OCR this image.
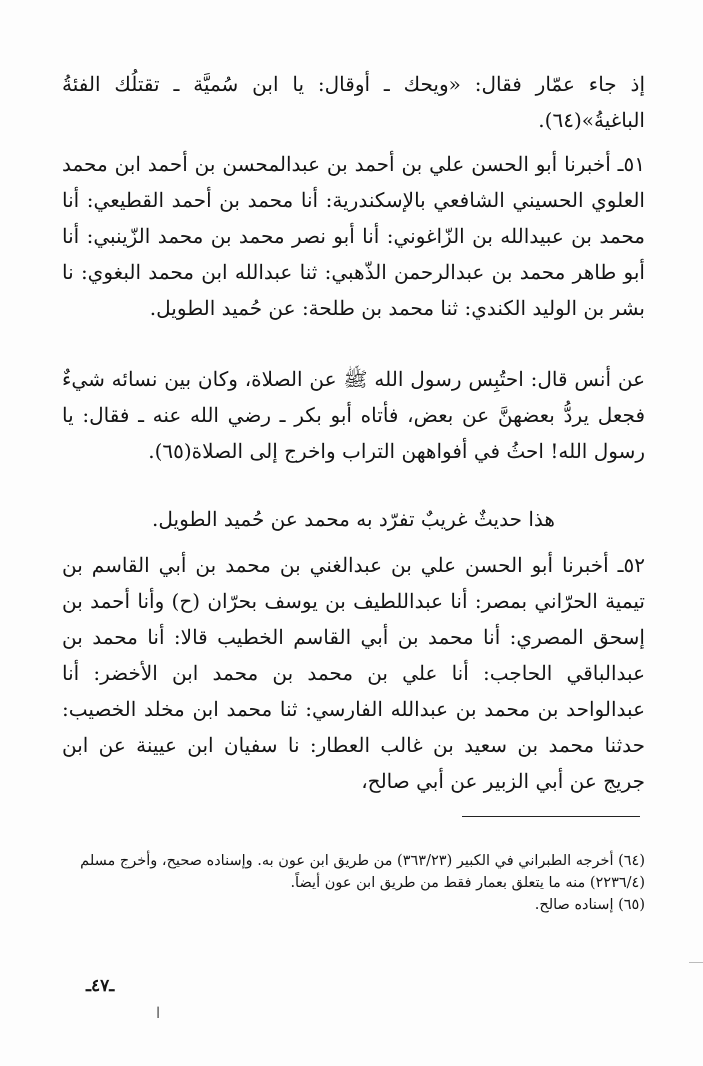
إذ جاء عمّار فقال: «ويحك ـ أوقال: يا ابن سُميَّة ـ تقتلُك الفئةُ الباغيةُ»(٦٤).

٥١ـ أخبرنا أبو الحسن علي بن أحمد بن عبدالمحسن بن أحمد ابن محمد العلوي الحسيني الشافعي بالإسكندرية: أنا محمد بن أحمد القطيعي: أنا محمد بن عبيدالله بن الزّاغوني: أنا أبو نصر محمد بن محمد الزّينبي: أنا أبو طاهر محمد بن عبدالرحمن الذّهبي: ثنا عبدالله ابن محمد البغوي: نا بشر بن الوليد الكندي: ثنا محمد بن طلحة: عن حُميد الطويل.

عن أنس قال: احتُبِس رسول الله ﷺ عن الصلاة، وكان بين نسائه شيءٌ فجعل يردُّ بعضهنَّ عن بعض، فأتاه أبو بكر ـ رضي الله عنه ـ فقال: يا رسول الله! احثُ في أفواههن التراب واخرج إلى الصلاة(٦٥).

هذا حديثٌ غريبٌ تفرّد به محمد عن حُميد الطويل.

٥٢ـ أخبرنا أبو الحسن علي بن عبدالغني بن محمد بن أبي القاسم بن تيمية الحرّاني بمصر: أنا عبداللطيف بن يوسف بحرّان (ح) وأنا أحمد بن إسحق المصري: أنا محمد بن أبي القاسم الخطيب قالا: أنا محمد بن عبدالباقي الحاجب: أنا علي بن محمد بن محمد ابن الأخضر: أنا عبدالواحد بن محمد بن عبدالله الفارسي: ثنا محمد ابن مخلد الخصيب: حدثنا محمد بن سعيد بن غالب العطار: نا سفيان ابن عيينة عن ابن جريج عن أبي الزبير عن أبي صالح،

(٦٤) أخرجه الطبراني في الكبير (٣٦٣/٢٣) من طريق ابن عون به. وإسناده صحيح، وأخرج مسلم (٢٢٣٦/٤) منه ما يتعلق بعمار فقط من طريق ابن عون أيضاً.

(٦٥) إسناده صالح.

ـ٤٧ـ
ا
